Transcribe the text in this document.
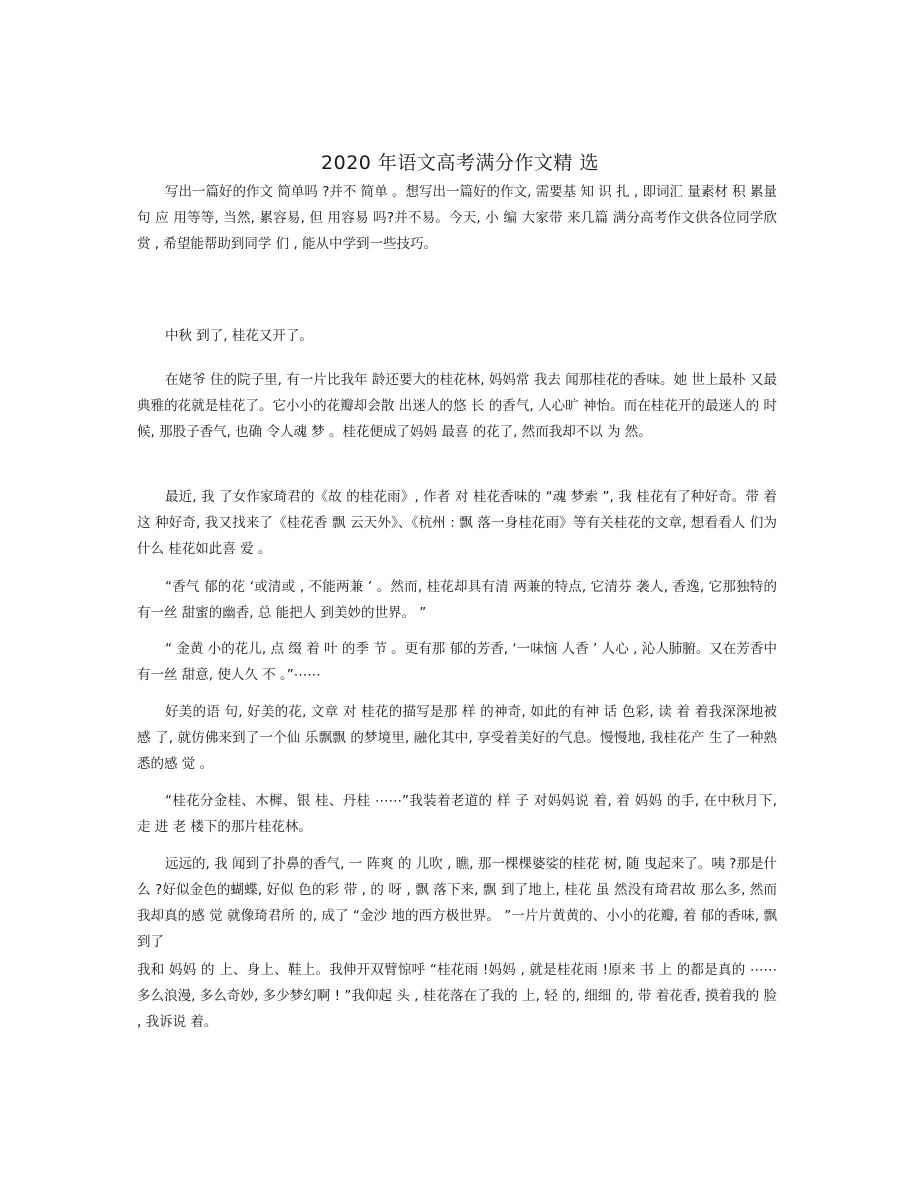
2020 年语文高考满分作文精 选

写出一篇好的作文 简单吗 ?并不 简单 。想写出一篇好的作文, 需要基 知 识 扎 , 即词汇 量素材 积 累量 句 应 用等等, 当然, 累容易, 但 用容易 吗?并不易。今天, 小 编 大家带 来几篇 满分高考作文供各位同学欣 赏 , 希望能帮助到同学 们 , 能从中学到一些技巧。

中秋 到了, 桂花又开了。

在姥爷 住的院子里, 有一片比我年 龄还要大的桂花林, 妈妈常 我去 闻那桂花的香味。她 世上最朴 又最典雅的花就是桂花了。它小小的花瓣却会散 出迷人的悠 长 的香气, 人心旷 神怡。而在桂花开的最迷人的 时 候, 那股子香气, 也确 令人魂 梦 。桂花便成了妈妈 最喜 的花了, 然而我却不以 为 然。

最近, 我 了女作家琦君的《故 的桂花雨》, 作者 对 桂花香味的 “魂 梦索 ”, 我 桂花有了种好奇。带 着这 种好奇, 我又找来了《桂花香 飘 云天外》、《杭州 : 飘 落一身桂花雨》等有关桂花的文章, 想看看人 们为 什么 桂花如此喜 爱 。

“香气 郁的花 ‘或清或 , 不能两兼 ’ 。然而, 桂花却具有清 两兼的特点, 它清芬 袭人, 香逸, 它那独特的 有一丝 甜蜜的幽香, 总 能把人 到美妙的世界。 ”

“ 金黄 小的花儿, 点 缀 着 叶 的季 节 。更有那 郁的芳香, ‘一味恼 人香 ’ 人心 , 沁人肺腑。又在芳香中 有一丝 甜意, 使人久 不 。”⋯⋯

好美的语 句, 好美的花, 文章 对 桂花的描写是那 样 的神奇, 如此的有神 话 色彩, 读 着 着我深深地被感 了, 就仿佛来到了一个仙 乐飘飘 的梦境里, 融化其中, 享受着美好的气息。慢慢地, 我桂花产 生了一种熟悉的感 觉 。

“桂花分金桂、木樨、银 桂、丹桂 ⋯⋯”我装着老道的 样 子 对妈妈说 着, 着 妈妈 的手, 在中秋月下, 走 进 老 楼下的那片桂花林。

远远的, 我 闻到了扑鼻的香气, 一 阵爽 的 儿吹 , 瞧, 那一棵棵婆娑的桂花 树, 随 曳起来了。咦 ?那是什么 ?好似金色的蝴蝶, 好似 色的彩 带 , 的 呀 , 飘 落下来, 飘 到了地上, 桂花 虽 然没有琦君故 那么多, 然而我却真的感 觉 就像琦君所 的, 成了 “金沙 地的西方极世界。 ”一片片黄黄的、小小的花瓣, 着 郁的香味, 飘 到了

我和 妈妈 的 上、身上、鞋上。我伸开双臂惊呼 “桂花雨 !妈妈 , 就是桂花雨 !原来 书 上 的都是真的 ⋯⋯多么浪漫, 多么奇妙, 多少梦幻啊 ! ”我仰起 头 , 桂花落在了我的 上, 轻 的, 细细 的, 带 着花香, 摸着我的 脸 , 我诉说 着。
